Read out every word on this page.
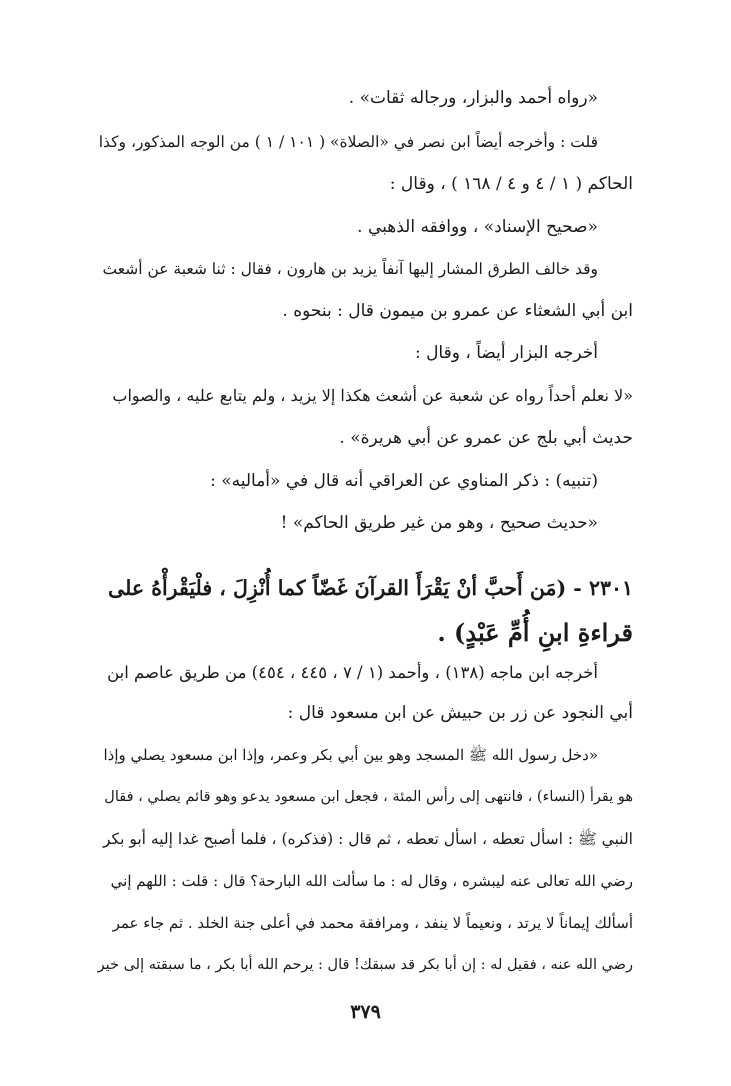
«رواه أحمد والبزار، ورجاله ثقات» .
قلت : وأخرجه أيضاً ابن نصر في «الصلاة» ( ١٠١ / ١ ) من الوجه المذكور، وكذا
الحاكم ( ١ / ٤ و ٤ / ١٦٨ ) ، وقال :
«صحيح الإسناد» ، ووافقه الذهبي .
وقد خالف الطرق المشار إليها آنفاً يزيد بن هارون ، فقال : ثنا شعبة عن أشعث
ابن أبي الشعثاء عن عمرو بن ميمون قال : بنحوه .
أخرجه البزار أيضاً ، وقال :
«لا نعلم أحداً رواه عن شعبة عن أشعث هكذا إلا يزيد ، ولم يتابع عليه ، والصواب
حديث أبي بلج عن عمرو عن أبي هريرة» .
(تنبيه) : ذكر المناوي عن العراقي أنه قال في «أماليه» :
«حديث صحيح ، وهو من غير طريق الحاكم» !
٢٣٠١ - (مَن أَحبَّ أنْ يَقْرَأَ القرآنَ غَضّاً كما أُنْزِلَ ، فلْيَقْرأْهُ على
قراءةِ ابنِ أُمِّ عَبْدٍ) .
أخرجه ابن ماجه (١٣٨) ، وأحمد (١ / ٧ ، ٤٤٥ ، ٤٥٤) من طريق عاصم ابن
أبي النجود عن زر بن حبيش عن ابن مسعود قال :
«دخل رسول الله ﷺ المسجد وهو بين أبي بكر وعمر، وإذا ابن مسعود يصلي وإذا
هو يقرأ (النساء) ، فانتهى إلى رأس المئة ، فجعل ابن مسعود يدعو وهو قائم يصلي ، فقال
النبي ﷺ : اسأل تعطه ، اسأل تعطه ، ثم قال : (فذكره) ، فلما أصبح غدا إليه أبو بكر
رضي الله تعالى عنه ليبشره ، وقال له : ما سألت الله البارحة؟ قال : قلت : اللهم إني
أسألك إيماناً لا يرتد ، ونعيماً لا ينفد ، ومرافقة محمد في أعلى جنة الخلد . ثم جاء عمر
رضي الله عنه ، فقيل له : إن أبا بكر قد سبقك! قال : يرحم الله أبا بكر ، ما سبقته إلى خير
٣٧٩
